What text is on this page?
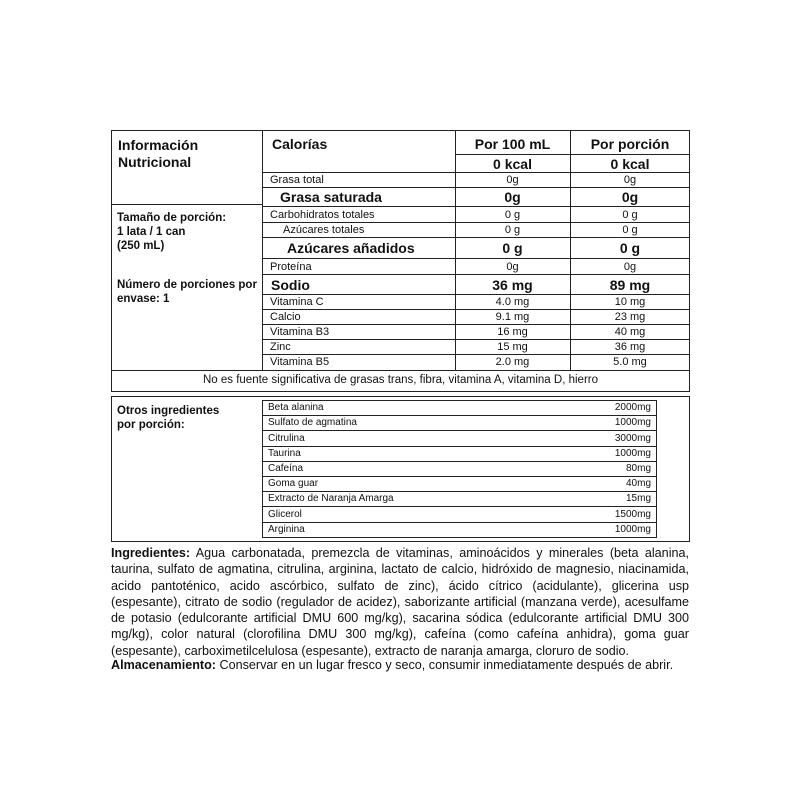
Información
Nutricional
Tamaño de porción:
1 lata / 1 can
(250 mL)
Número de porciones por
envase: 1
Calorías	Por 100 mL	Por porción
0 kcal	0 kcal
Grasa total	0g	0g
Grasa saturada	0g	0g
Carbohidratos totales	0 g	0 g
Azúcares totales	0 g	0 g
Azúcares añadidos	0 g	0 g
Proteína	0g	0g
Sodio	36 mg	89 mg
Vitamina C	4.0 mg	10 mg
Calcio	9.1 mg	23 mg
Vitamina B3	16 mg	40 mg
Zinc	15 mg	36 mg
Vitamina B5	2.0 mg	5.0 mg
No es fuente significativa de grasas trans, fibra, vitamina A, vitamina D, hierro
Otros ingredientes
por porción:
Beta alanina	2000mg
Sulfato de agmatina	1000mg
Citrulina	3000mg
Taurina	1000mg
Cafeína	80mg
Goma guar	40mg
Extracto de Naranja Amarga	15mg
Glicerol	1500mg
Arginina	1000mg
Ingredientes: Agua carbonatada, premezcla de vitaminas, aminoácidos y minerales (beta alanina, taurina, sulfato de agmatina, citrulina, arginina, lactato de calcio, hidróxido de magnesio, niacinamida, acido pantoténico, acido ascórbico, sulfato de zinc), ácido cítrico (acidulante), glicerina usp (espesante), citrato de sodio (regulador de acidez), saborizante artificial (manzana verde), acesulfame de potasio (edulcorante artificial DMU 600 mg/kg), sacarina sódica (edulcorante artificial DMU 300 mg/kg), color natural (clorofilina DMU 300 mg/kg), cafeína (como cafeína anhidra), goma guar (espesante), carboximetilcelulosa (espesante), extracto de naranja amarga, cloruro de sodio.
Almacenamiento: Conservar en un lugar fresco y seco, consumir inmediatamente después de abrir.
